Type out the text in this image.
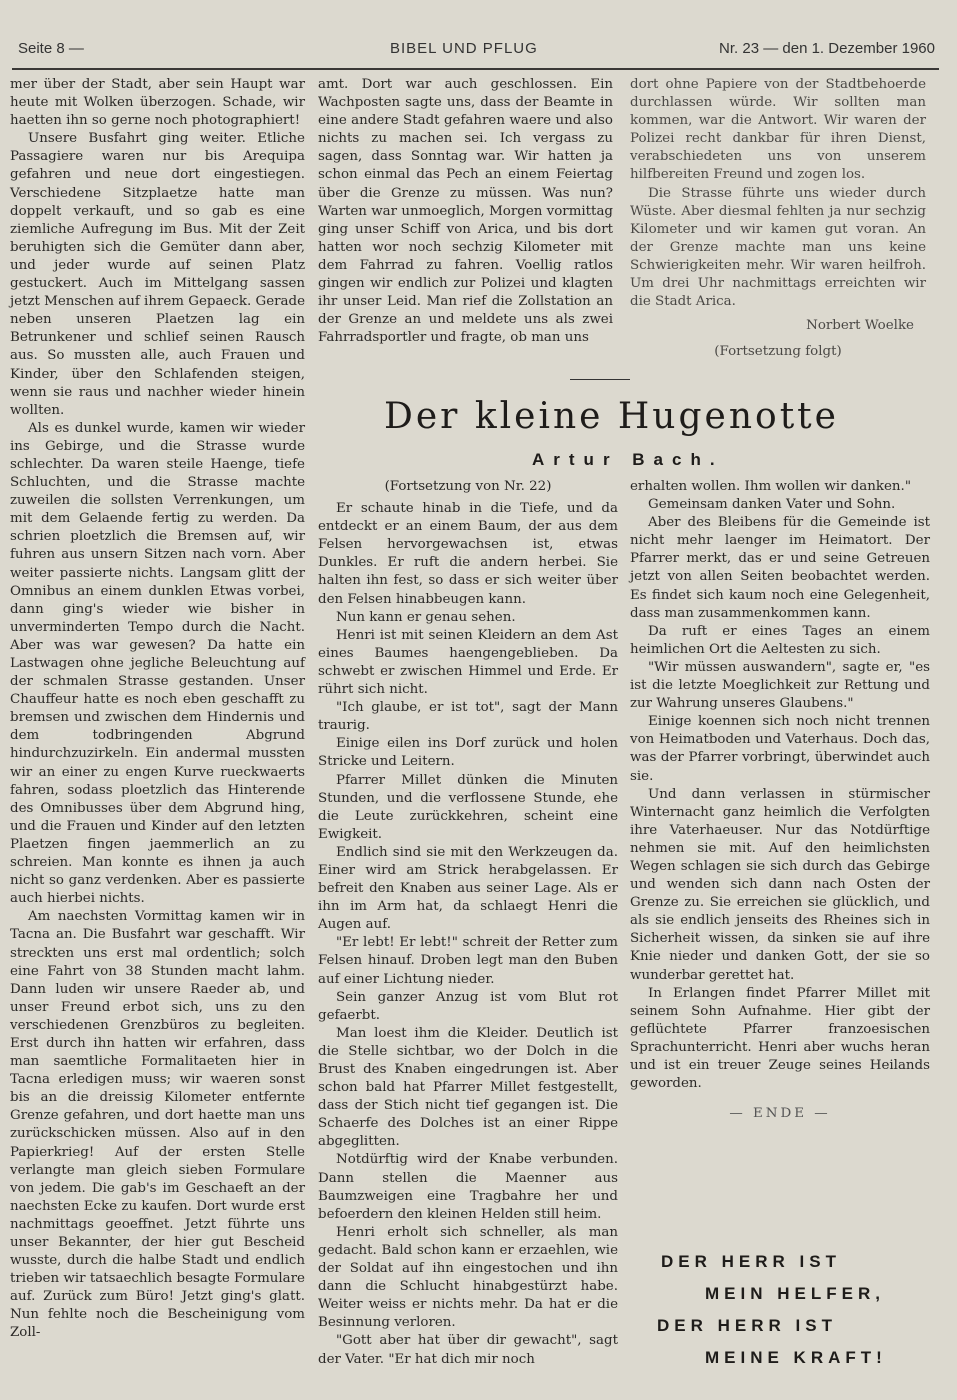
Seite 8 —	BIBEL UND PFLUG	Nr. 23 — den 1. Dezember 1960

mer über der Stadt, aber sein Haupt war heute mit Wolken überzogen. Schade, wir haetten ihn so gerne noch photographiert!

Unsere Busfahrt ging weiter. Etliche Passagiere waren nur bis Arequipa gefahren und neue dort eingestiegen. Verschiedene Sitzplaetze hatte man doppelt verkauft, und so gab es eine ziemliche Aufregung im Bus. Mit der Zeit beruhigten sich die Gemüter dann aber, und jeder wurde auf seinen Platz gestuckert. Auch im Mittelgang sassen jetzt Menschen auf ihrem Gepaeck. Gerade neben unseren Plaetzen lag ein Betrunkener und schlief seinen Rausch aus. So mussten alle, auch Frauen und Kinder, über den Schlafenden steigen, wenn sie raus und nachher wieder hinein wollten.

Als es dunkel wurde, kamen wir wieder ins Gebirge, und die Strasse wurde schlechter. Da waren steile Haenge, tiefe Schluchten, und die Strasse machte zuweilen die sollsten Verrenkungen, um mit dem Gelaende fertig zu werden. Da schrien ploetzlich die Bremsen auf, wir fuhren aus unsern Sitzen nach vorn. Aber weiter passierte nichts. Langsam glitt der Omnibus an einem dunklen Etwas vorbei, dann ging's wieder wie bisher in unverminderten Tempo durch die Nacht. Aber was war gewesen? Da hatte ein Lastwagen ohne jegliche Beleuchtung auf der schmalen Strasse gestanden. Unser Chauffeur hatte es noch eben geschafft zu bremsen und zwischen dem Hindernis und dem todbringenden Abgrund hindurchzuzirkeln. Ein andermal mussten wir an einer zu engen Kurve rueckwaerts fahren, sodass ploetzlich das Hinterende des Omnibusses über dem Abgrund hing, und die Frauen und Kinder auf den letzten Plaetzen fingen jaemmerlich an zu schreien. Man konnte es ihnen ja auch nicht so ganz verdenken. Aber es passierte auch hierbei nichts.

Am naechsten Vormittag kamen wir in Tacna an. Die Busfahrt war geschafft. Wir streckten uns erst mal ordentlich; solch eine Fahrt von 38 Stunden macht lahm. Dann luden wir unsere Raeder ab, und unser Freund erbot sich, uns zu den verschiedenen Grenzbüros zu begleiten. Erst durch ihn hatten wir erfahren, dass man saemtliche Formalitaeten hier in Tacna erledigen muss; wir waeren sonst bis an die dreissig Kilometer entfernte Grenze gefahren, und dort haette man uns zurückschicken müssen. Also auf in den Papierkrieg! Auf der ersten Stelle verlangte man gleich sieben Formulare von jedem. Die gab's im Geschaeft an der naechsten Ecke zu kaufen. Dort wurde erst nachmittags geoeffnet. Jetzt führte uns unser Bekannter, der hier gut Bescheid wusste, durch die halbe Stadt und endlich trieben wir tatsaechlich besagte Formulare auf. Zurück zum Büro! Jetzt ging's glatt. Nun fehlte noch die Bescheinigung vom Zoll-

amt. Dort war auch geschlossen. Ein Wachposten sagte uns, dass der Beamte in eine andere Stadt gefahren waere und also nichts zu machen sei. Ich vergass zu sagen, dass Sonntag war. Wir hatten ja schon einmal das Pech an einem Feiertag über die Grenze zu müssen. Was nun? Warten war unmoeglich, Morgen vormittag ging unser Schiff von Arica, und bis dort hatten wor noch sechzig Kilometer mit dem Fahrrad zu fahren. Voellig ratlos gingen wir endlich zur Polizei und klagten ihr unser Leid. Man rief die Zollstation an der Grenze an und meldete uns als zwei Fahrradsportler und fragte, ob man uns

dort ohne Papiere von der Stadtbehoerde durchlassen würde. Wir sollten man kommen, war die Antwort. Wir waren der Polizei recht dankbar für ihren Dienst, verabschiedeten uns von unserem hilfbereiten Freund und zogen los.

Die Strasse führte uns wieder durch Wüste. Aber diesmal fehlten ja nur sechzig Kilometer und wir kamen gut voran. An der Grenze machte man uns keine Schwierigkeiten mehr. Wir waren heilfroh. Um drei Uhr nachmittags erreichten wir die Stadt Arica.

Norbert Woelke

(Fortsetzung folgt)

Der kleine Hugenotte
Artur Bach.

(Fortsetzung von Nr. 22)

Er schaute hinab in die Tiefe, und da entdeckt er an einem Baum, der aus dem Felsen hervorgewachsen ist, etwas Dunkles. Er ruft die andern herbei. Sie halten ihn fest, so dass er sich weiter über den Felsen hinabbeugen kann.

Nun kann er genau sehen.

Henri ist mit seinen Kleidern an dem Ast eines Baumes haengengeblieben. Da schwebt er zwischen Himmel und Erde. Er rührt sich nicht.

"Ich glaube, er ist tot", sagt der Mann traurig.

Einige eilen ins Dorf zurück und holen Stricke und Leitern.

Pfarrer Millet dünken die Minuten Stunden, und die verflossene Stunde, ehe die Leute zurückkehren, scheint eine Ewigkeit.

Endlich sind sie mit den Werkzeugen da. Einer wird am Strick herabgelassen. Er befreit den Knaben aus seiner Lage. Als er ihn im Arm hat, da schlaegt Henri die Augen auf.

"Er lebt! Er lebt!" schreit der Retter zum Felsen hinauf. Droben legt man den Buben auf einer Lichtung nieder.

Sein ganzer Anzug ist vom Blut rot gefaerbt.

Man loest ihm die Kleider. Deutlich ist die Stelle sichtbar, wo der Dolch in die Brust des Knaben eingedrungen ist. Aber schon bald hat Pfarrer Millet festgestellt, dass der Stich nicht tief gegangen ist. Die Schaerfe des Dolches ist an einer Rippe abgeglitten.

Notdürftig wird der Knabe verbunden. Dann stellen die Maenner aus Baumzweigen eine Tragbahre her und befoerdern den kleinen Helden still heim.

Henri erholt sich schneller, als man gedacht. Bald schon kann er erzaehlen, wie der Soldat auf ihn eingestochen und ihn dann die Schlucht hinabgestürzt habe. Weiter weiss er nichts mehr. Da hat er die Besinnung verloren.

"Gott aber hat über dir gewacht", sagt der Vater. "Er hat dich mir noch

erhalten wollen. Ihm wollen wir danken."

Gemeinsam danken Vater und Sohn.

Aber des Bleibens für die Gemeinde ist nicht mehr laenger im Heimatort. Der Pfarrer merkt, das er und seine Getreuen jetzt von allen Seiten beobachtet werden. Es findet sich kaum noch eine Gelegenheit, dass man zusammenkommen kann.

Da ruft er eines Tages an einem heimlichen Ort die Aeltesten zu sich.

"Wir müssen auswandern", sagte er, "es ist die letzte Moeglichkeit zur Rettung und zur Wahrung unseres Glaubens."

Einige koennen sich noch nicht trennen von Heimatboden und Vaterhaus. Doch das, was der Pfarrer vorbringt, überwindet auch sie.

Und dann verlassen in stürmischer Winternacht ganz heimlich die Verfolgten ihre Vaterhaeuser. Nur das Notdürftige nehmen sie mit. Auf den heimlichsten Wegen schlagen sie sich durch das Gebirge und wenden sich dann nach Osten der Grenze zu. Sie erreichen sie glücklich, und als sie endlich jenseits des Rheines sich in Sicherheit wissen, da sinken sie auf ihre Knie nieder und danken Gott, der sie so wunderbar gerettet hat.

In Erlangen findet Pfarrer Millet mit seinem Sohn Aufnahme. Hier gibt der geflüchtete Pfarrer franzoesischen Sprachunterricht. Henri aber wuchs heran und ist ein treuer Zeuge seines Heilands geworden.

— ENDE —

DER HERR IST
MEIN HELFER,
DER HERR IST
MEINE KRAFT!
